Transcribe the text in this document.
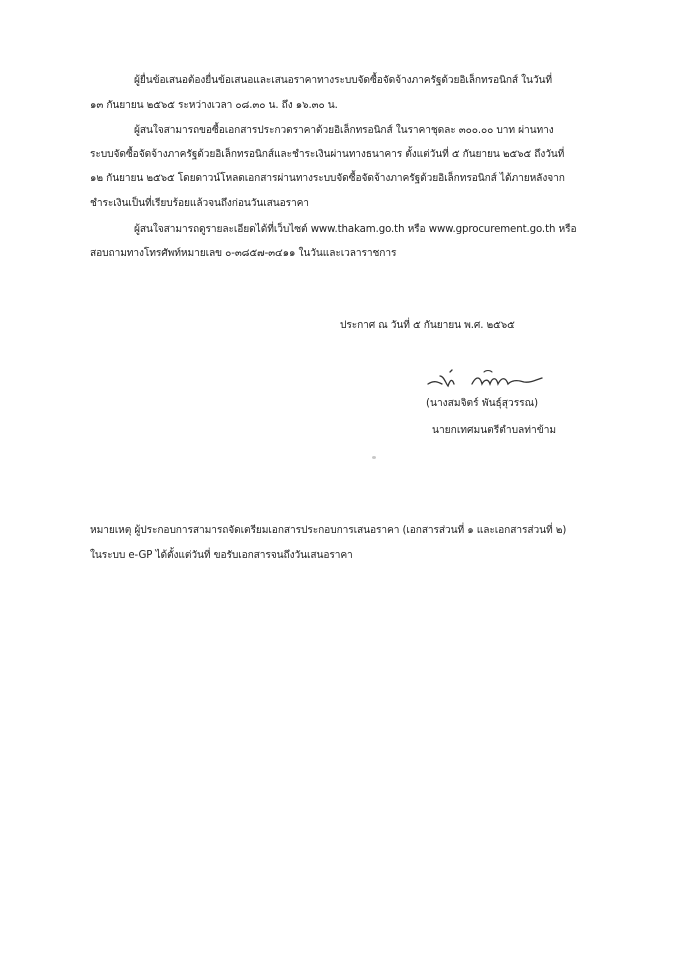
ผู้ยื่นข้อเสนอต้องยื่นข้อเสนอและเสนอราคาทางระบบจัดซื้อจัดจ้างภาครัฐด้วยอิเล็กทรอนิกส์ ในวันที่
๑๓ กันยายน ๒๕๖๕ ระหว่างเวลา ๐๘.๓๐ น. ถึง ๑๖.๓๐ น.
ผู้สนใจสามารถขอซื้อเอกสารประกวดราคาด้วยอิเล็กทรอนิกส์ ในราคาชุดละ ๓๐๐.๐๐ บาท ผ่านทาง
ระบบจัดซื้อจัดจ้างภาครัฐด้วยอิเล็กทรอนิกส์และชำระเงินผ่านทางธนาคาร ตั้งแต่วันที่ ๕ กันยายน ๒๕๖๕ ถึงวันที่
๑๒ กันยายน ๒๕๖๕ โดยดาวน์โหลดเอกสารผ่านทางระบบจัดซื้อจัดจ้างภาครัฐด้วยอิเล็กทรอนิกส์ ได้ภายหลังจาก
ชำระเงินเป็นที่เรียบร้อยแล้วจนถึงก่อนวันเสนอราคา
ผู้สนใจสามารถดูรายละเอียดได้ที่เว็บไซต์ www.thakam.go.th หรือ www.gprocurement.go.th หรือ
สอบถามทางโทรศัพท์หมายเลข ๐-๓๘๕๗-๓๔๑๑ ในวันและเวลาราชการ
ประกาศ ณ วันที่ ๕ กันยายน พ.ศ. ๒๕๖๕
(นางสมจิตร์ พันธุ์สุวรรณ)
นายกเทศมนตรีตำบลท่าข้าม
หมายเหตุ ผู้ประกอบการสามารถจัดเตรียมเอกสารประกอบการเสนอราคา (เอกสารส่วนที่ ๑ และเอกสารส่วนที่ ๒)
ในระบบ e-GP ได้ตั้งแต่วันที่ ขอรับเอกสารจนถึงวันเสนอราคา
